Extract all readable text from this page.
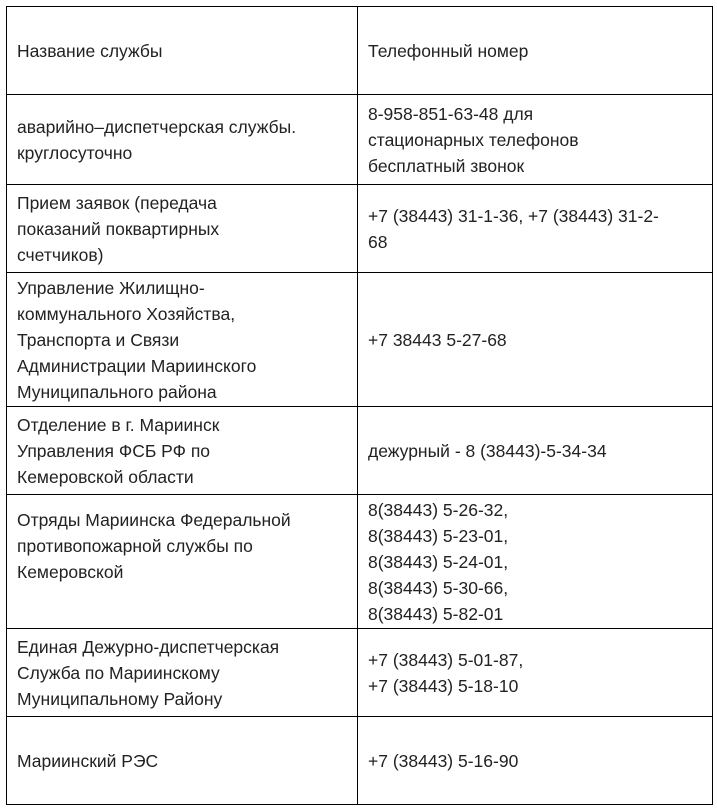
Название службы	Телефонный номер

аварийно–диспетчерская службы.
круглосуточно	8-958-851-63-48 для
стационарных телефонов
бесплатный звонок

Прием заявок (передача
показаний поквартирных
счетчиков)	+7 (38443) 31-1-36, +7 (38443) 31-2-
68

Управление Жилищно-
коммунального Хозяйства,
Транспорта и Связи
Администрации Мариинского
Муниципального района	+7 38443 5-27-68

Отделение в г. Мариинск
Управления ФСБ РФ по
Кемеровской области	дежурный - 8 (38443)-5-34-34

Отряды Мариинска Федеральной
противопожарной службы по
Кемеровской	8(38443) 5-26-32,
8(38443) 5-23-01,
8(38443) 5-24-01,
8(38443) 5-30-66,
8(38443) 5-82-01

Единая Дежурно-диспетчерская
Служба по Мариинскому
Муниципальному Району	+7 (38443) 5-01-87,
+7 (38443) 5-18-10

Мариинский РЭС	+7 (38443) 5-16-90
